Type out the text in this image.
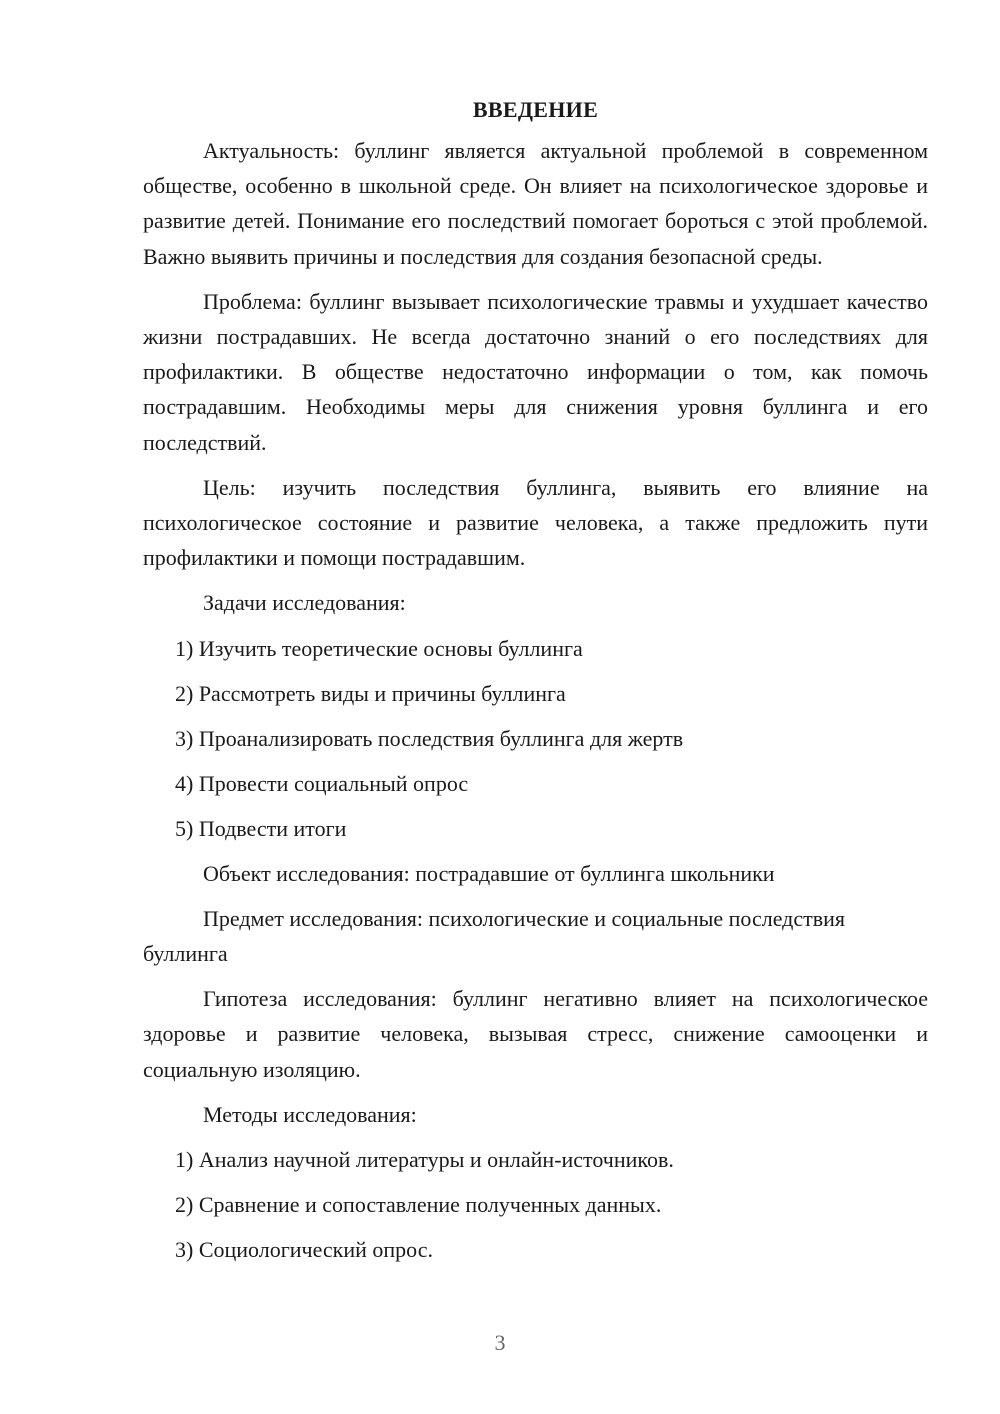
ВВЕДЕНИЕ

Актуальность: буллинг является актуальной проблемой в современном обществе, особенно в школьной среде. Он влияет на психологическое здоровье и развитие детей. Понимание его последствий помогает бороться с этой проблемой. Важно выявить причины и последствия для создания безопасной среды.

Проблема: буллинг вызывает психологические травмы и ухудшает качество жизни пострадавших. Не всегда достаточно знаний о его последствиях для профилактики. В обществе недостаточно информации о том, как помочь пострадавшим. Необходимы меры для снижения уровня буллинга и его последствий.

Цель: изучить последствия буллинга, выявить его влияние на психологическое состояние и развитие человека, а также предложить пути профилактики и помощи пострадавшим.

Задачи исследования:

1) Изучить теоретические основы буллинга
2) Рассмотреть виды и причины буллинга
3) Проанализировать последствия буллинга для жертв
4) Провести социальный опрос
5) Подвести итоги

Объект исследования: пострадавшие от буллинга школьники

Предмет исследования: психологические и социальные последствия буллинга

Гипотеза исследования: буллинг негативно влияет на психологическое здоровье и развитие человека, вызывая стресс, снижение самооценки и социальную изоляцию.

Методы исследования:

1) Анализ научной литературы и онлайн-источников.
2) Сравнение и сопоставление полученных данных.
3) Социологический опрос.
3
